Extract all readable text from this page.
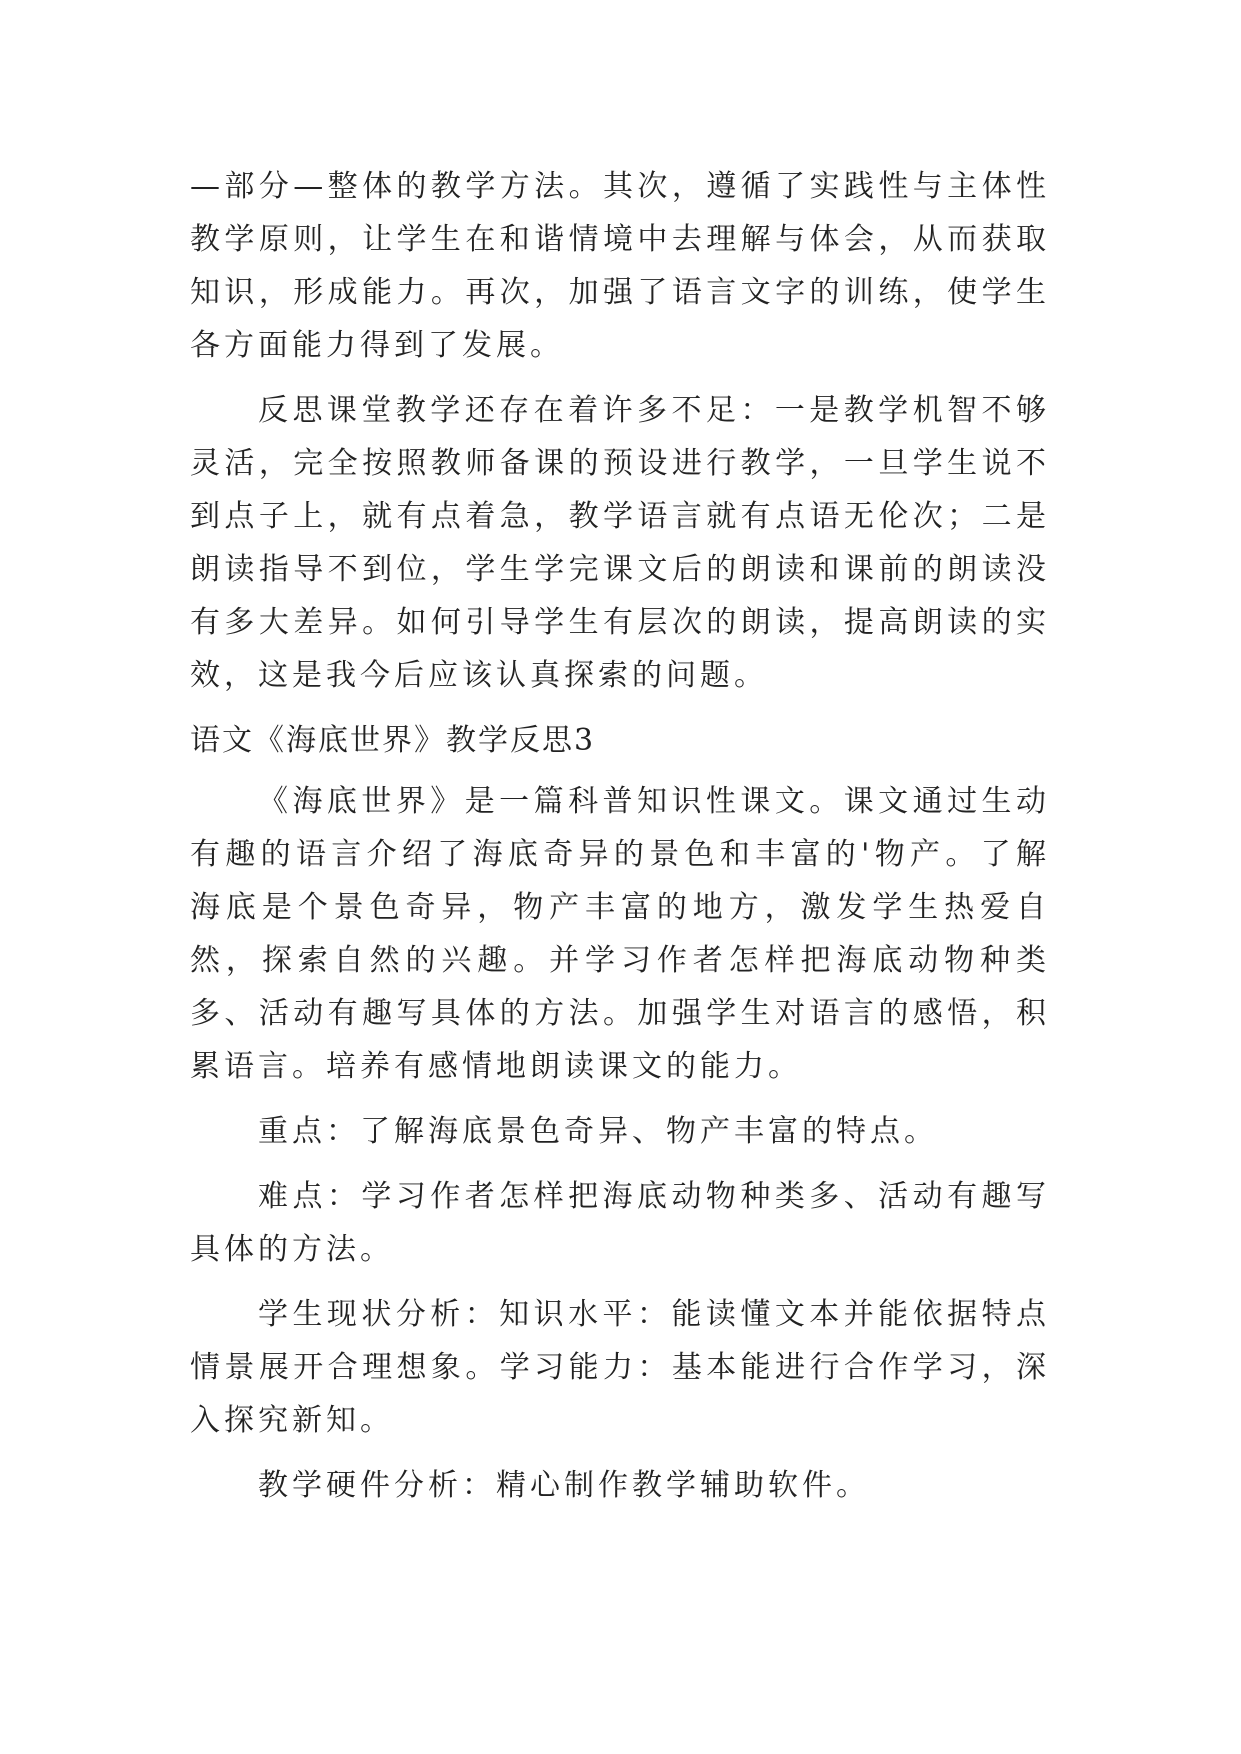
—部分—整体的教学方法。其次，遵循了实践性与主体性教学原则，让学生在和谐情境中去理解与体会，从而获取知识，形成能力。再次，加强了语言文字的训练，使学生各方面能力得到了发展。

反思课堂教学还存在着许多不足：一是教学机智不够灵活，完全按照教师备课的预设进行教学，一旦学生说不到点子上，就有点着急，教学语言就有点语无伦次；二是朗读指导不到位，学生学完课文后的朗读和课前的朗读没有多大差异。如何引导学生有层次的朗读，提高朗读的实效，这是我今后应该认真探索的问题。

语文《海底世界》教学反思3

《海底世界》是一篇科普知识性课文。课文通过生动有趣的语言介绍了海底奇异的景色和丰富的'物产。了解海底是个景色奇异，物产丰富的地方，激发学生热爱自然，探索自然的兴趣。并学习作者怎样把海底动物种类多、活动有趣写具体的方法。加强学生对语言的感悟，积累语言。培养有感情地朗读课文的能力。

重点：了解海底景色奇异、物产丰富的特点。

难点：学习作者怎样把海底动物种类多、活动有趣写具体的方法。

学生现状分析：知识水平：能读懂文本并能依据特点情景展开合理想象。学习能力：基本能进行合作学习，深入探究新知。

教学硬件分析：精心制作教学辅助软件。
